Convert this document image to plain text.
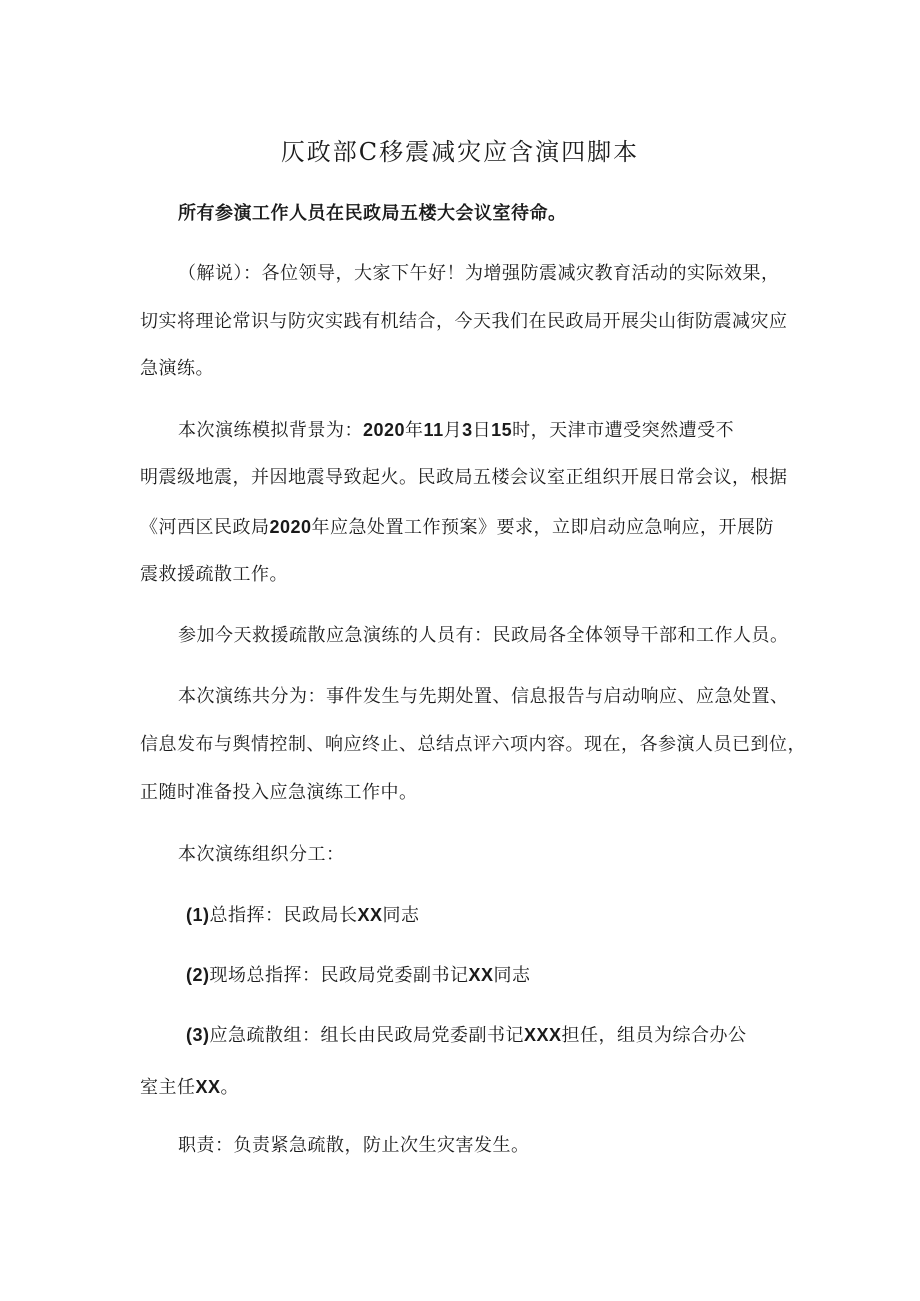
仄政部C移震减灾应含演四脚本
所有参演工作人员在民政局五楼大会议室待命。
（解说）：各位领导，大家下午好！为增强防震减灾教育活动的实际效果，
切实将理论常识与防灾实践有机结合，今天我们在民政局开展尖山街防震减灾应
急演练。
本次演练模拟背景为：2020年11月3日15时，天津市遭受突然遭受不
明震级地震，并因地震导致起火。民政局五楼会议室正组织开展日常会议，根据
《河西区民政局2020年应急处置工作预案》要求，立即启动应急响应，开展防
震救援疏散工作。
参加今天救援疏散应急演练的人员有：民政局各全体领导干部和工作人员。
本次演练共分为：事件发生与先期处置、信息报告与启动响应、应急处置、
信息发布与舆情控制、响应终止、总结点评六项内容。现在，各参演人员已到位，
正随时准备投入应急演练工作中。
本次演练组织分工：
(1)总指挥：民政局长XX同志
(2)现场总指挥：民政局党委副书记XX同志
(3)应急疏散组：组长由民政局党委副书记XXX担任，组员为综合办公
室主任XX。
职责：负责紧急疏散，防止次生灾害发生。
